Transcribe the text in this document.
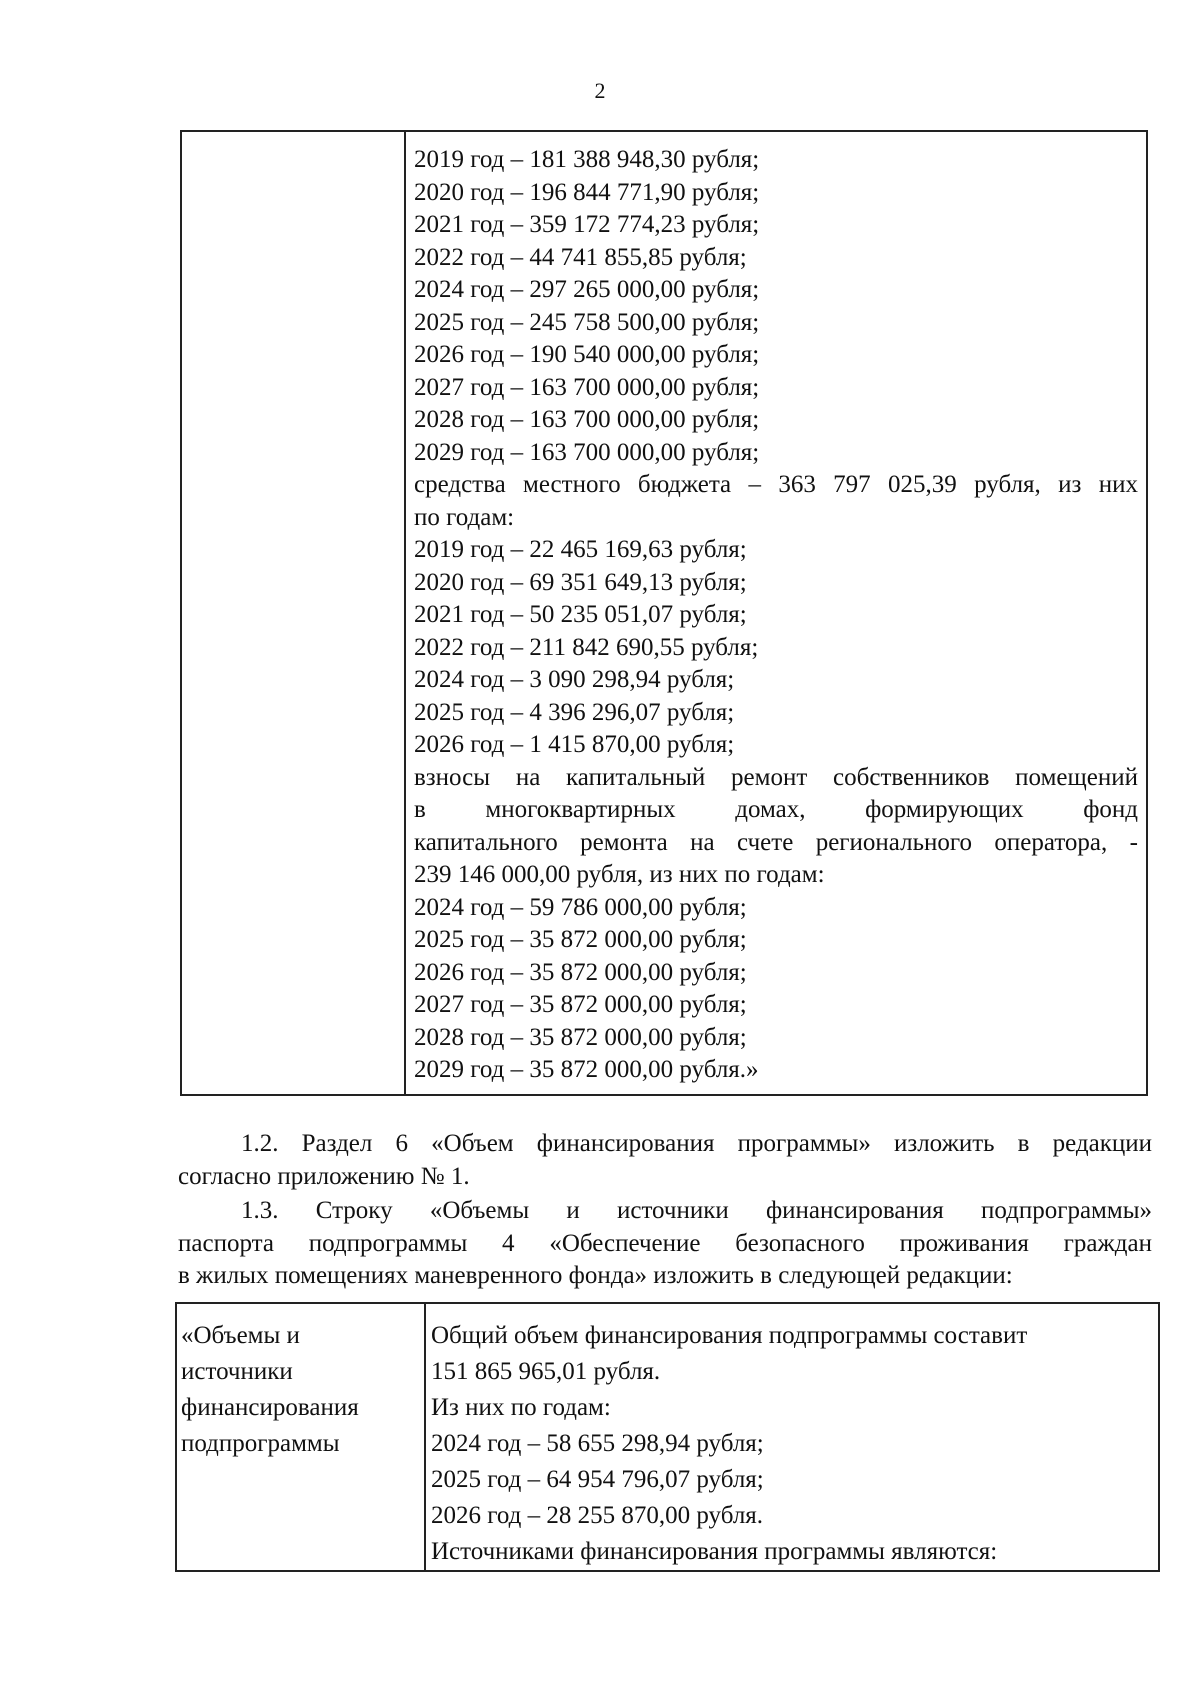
2
2019 год – 181 388 948,30 рубля;
2020 год – 196 844 771,90 рубля;
2021 год – 359 172 774,23 рубля;
2022 год – 44 741 855,85 рубля;
2024 год – 297 265 000,00 рубля;
2025 год – 245 758 500,00 рубля;
2026 год – 190 540 000,00 рубля;
2027 год – 163 700 000,00 рубля;
2028 год – 163 700 000,00 рубля;
2029 год – 163 700 000,00 рубля;
средства местного бюджета – 363 797 025,39 рубля, из них
по годам:
2019 год – 22 465 169,63 рубля;
2020 год – 69 351 649,13 рубля;
2021 год – 50 235 051,07 рубля;
2022 год – 211 842 690,55 рубля;
2024 год – 3 090 298,94 рубля;
2025 год – 4 396 296,07 рубля;
2026 год – 1 415 870,00 рубля;
взносы на капитальный ремонт собственников помещений
в многоквартирных домах, формирующих фонд
капитального ремонта на счете регионального оператора, -
239 146 000,00 рубля, из них по годам:
2024 год – 59 786 000,00 рубля;
2025 год – 35 872 000,00 рубля;
2026 год – 35 872 000,00 рубля;
2027 год – 35 872 000,00 рубля;
2028 год – 35 872 000,00 рубля;
2029 год – 35 872 000,00 рубля.»
1.2. Раздел 6 «Объем финансирования программы» изложить в редакции
согласно приложению № 1.
1.3. Строку «Объемы и источники финансирования подпрограммы»
паспорта подпрограммы 4 «Обеспечение безопасного проживания граждан
в жилых помещениях маневренного фонда» изложить в следующей редакции:
«Объемы и
источники
финансирования
подпрограммы
Общий объем финансирования подпрограммы составит
151 865 965,01 рубля.
Из них по годам:
2024 год – 58 655 298,94 рубля;
2025 год – 64 954 796,07 рубля;
2026 год – 28 255 870,00 рубля.
Источниками финансирования программы являются:
